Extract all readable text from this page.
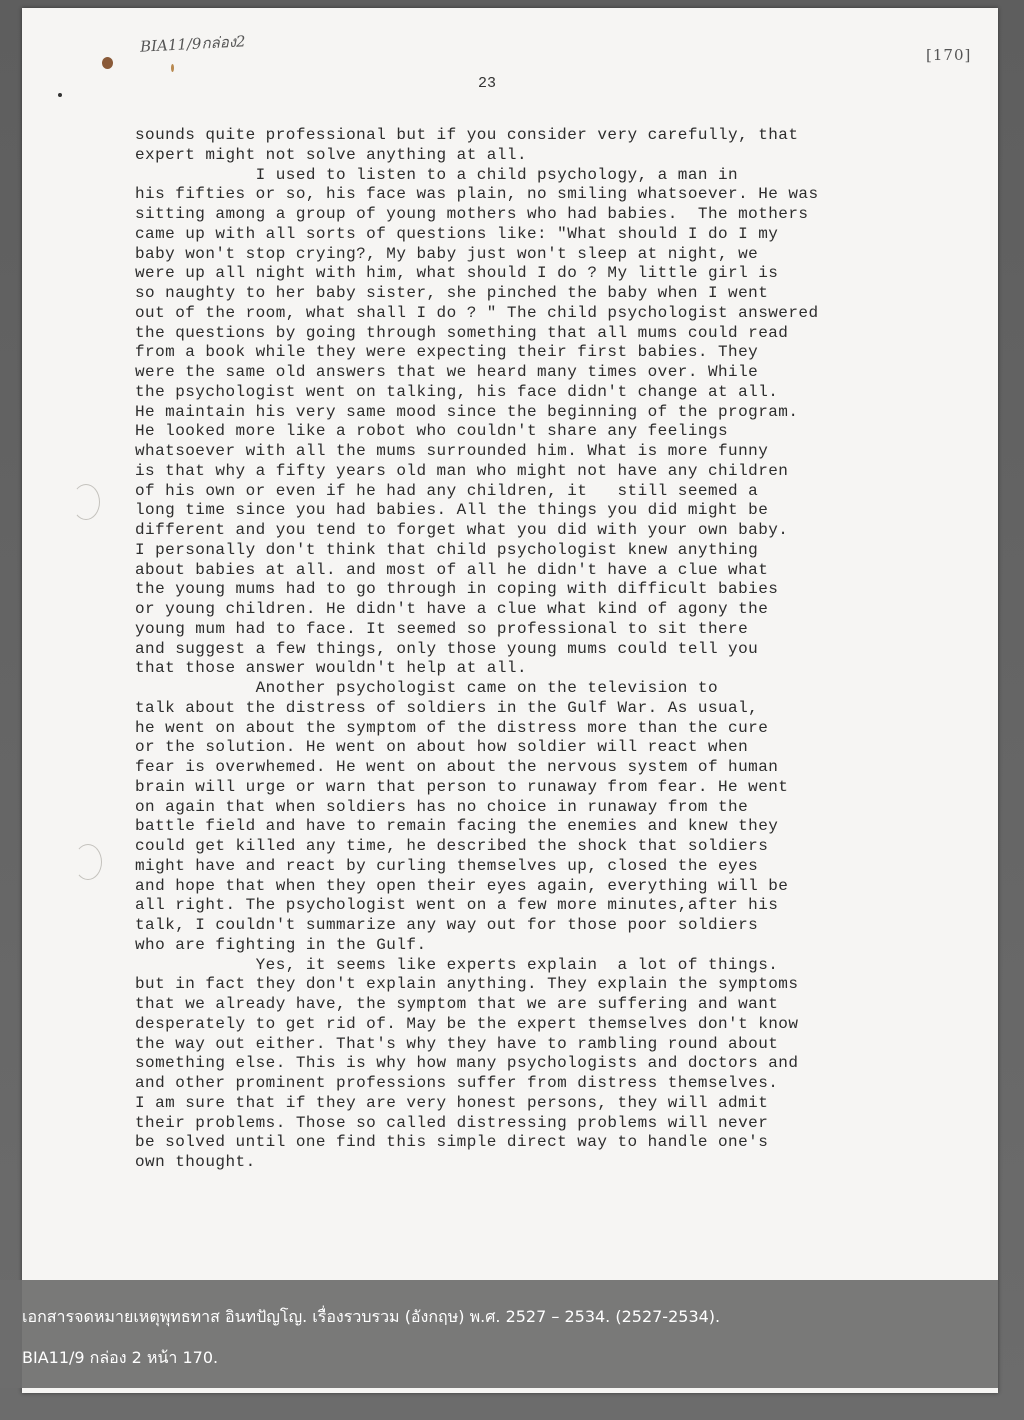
BIA11/9กล่อง2	[170]
23
sounds quite professional but if you consider very carefully, that
expert might not solve anything at all.
I used to listen to a child psychology, a man in
his fifties or so, his face was plain, no smiling whatsoever. He was
sitting among a group of young mothers who had babies.  The mothers
came up with all sorts of questions like: "What should I do I my
baby won't stop crying?, My baby just won't sleep at night, we
were up all night with him, what should I do ? My little girl is
so naughty to her baby sister, she pinched the baby when I went
out of the room, what shall I do ? " The child psychologist answered
the questions by going through something that all mums could read
from a book while they were expecting their first babies. They
were the same old answers that we heard many times over. While
the psychologist went on talking, his face didn't change at all.
He maintain his very same mood since the beginning of the program.
He looked more like a robot who couldn't share any feelings
whatsoever with all the mums surrounded him. What is more funny
is that why a fifty years old man who might not have any children
of his own or even if he had any children, it   still seemed a
long time since you had babies. All the things you did might be
different and you tend to forget what you did with your own baby.
I personally don't think that child psychologist knew anything
about babies at all. and most of all he didn't have a clue what
the young mums had to go through in coping with difficult babies
or young children. He didn't have a clue what kind of agony the
young mum had to face. It seemed so professional to sit there
and suggest a few things, only those young mums could tell you
that those answer wouldn't help at all.
Another psychologist came on the television to
talk about the distress of soldiers in the Gulf War. As usual,
he went on about the symptom of the distress more than the cure
or the solution. He went on about how soldier will react when
fear is overwhemed. He went on about the nervous system of human
brain will urge or warn that person to runaway from fear. He went
on again that when soldiers has no choice in runaway from the
battle field and have to remain facing the enemies and knew they
could get killed any time, he described the shock that soldiers
might have and react by curling themselves up, closed the eyes
and hope that when they open their eyes again, everything will be
all right. The psychologist went on a few more minutes,after his
talk, I couldn't summarize any way out for those poor soldiers
who are fighting in the Gulf.
Yes, it seems like experts explain  a lot of things.
but in fact they don't explain anything. They explain the symptoms
that we already have, the symptom that we are suffering and want
desperately to get rid of. May be the expert themselves don't know
the way out either. That's why they have to rambling round about
something else. This is why how many psychologists and doctors and
and other prominent professions suffer from distress themselves.
I am sure that if they are very honest persons, they will admit
their problems. Those so called distressing problems will never
be solved until one find this simple direct way to handle one's
own thought.

เอกสารจดหมายเหตุพุทธทาส อินทปัญโญ. เรื่องรวบรวม (อังกฤษ) พ.ศ. 2527 – 2534. (2527-2534).

BIA11/9 กล่อง 2 หน้า 170.
